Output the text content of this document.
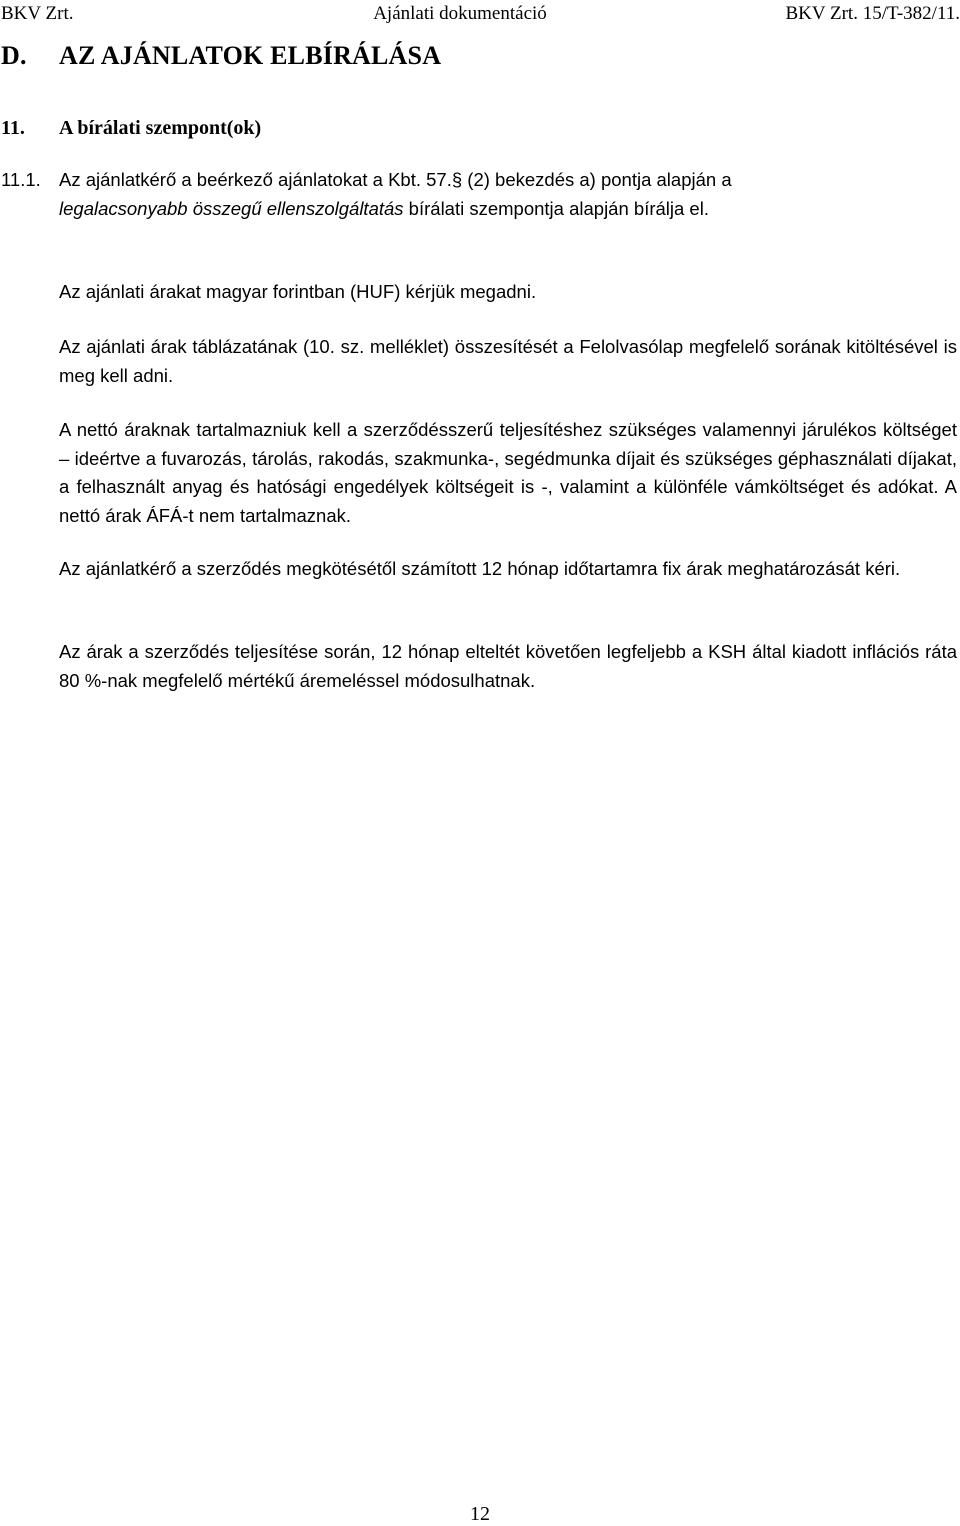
BKV Zrt.	Ajánlati dokumentáció	BKV Zrt. 15/T-382/11.
D. AZ AJÁNLATOK ELBÍRÁLÁSA
11. A bírálati szempont(ok)
11.1. Az ajánlatkérő a beérkező ajánlatokat a Kbt. 57.§ (2) bekezdés a) pontja alapján a
legalacsonyabb összegű ellenszolgáltatás bírálati szempontja alapján bírálja el.
Az ajánlati árakat magyar forintban (HUF) kérjük megadni.
Az ajánlati árak táblázatának (10. sz. melléklet) összesítését a Felolvasólap megfelelő sorának kitöltésével is meg kell adni.
A nettó áraknak tartalmazniuk kell a szerződésszerű teljesítéshez szükséges valamennyi járulékos költséget – ideértve a fuvarozás, tárolás, rakodás, szakmunka-, segédmunka díjait és szükséges géphasználati díjakat, a felhasznált anyag és hatósági engedélyek költségeit is -, valamint a különféle vámköltséget és adókat. A nettó árak ÁFÁ-t nem tartalmaznak.
Az ajánlatkérő a szerződés megkötésétől számított 12 hónap időtartamra fix árak meghatározását kéri.
Az árak a szerződés teljesítése során, 12 hónap elteltét követően legfeljebb a KSH által kiadott inflációs ráta 80 %-nak megfelelő mértékű áremeléssel módosulhatnak.
12
